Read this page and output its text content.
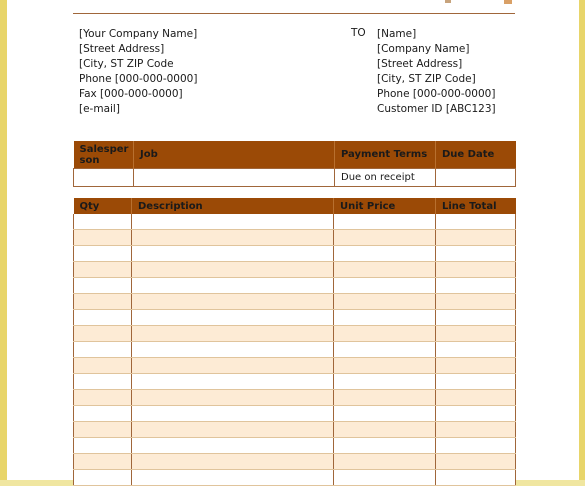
[Your Company Name]
[Street Address]
[City, ST ZIP Code
Phone [000-000-0000]
Fax [000-000-0000]
[e-mail]
TO [Name]
[Company Name]
[Street Address]
[City, ST ZIP Code]
Phone [000-000-0000]
Customer ID [ABC123]
Salesperson	Job	Payment Terms	Due Date
		Due on receipt	
Qty	Description	Unit Price	Line Total
